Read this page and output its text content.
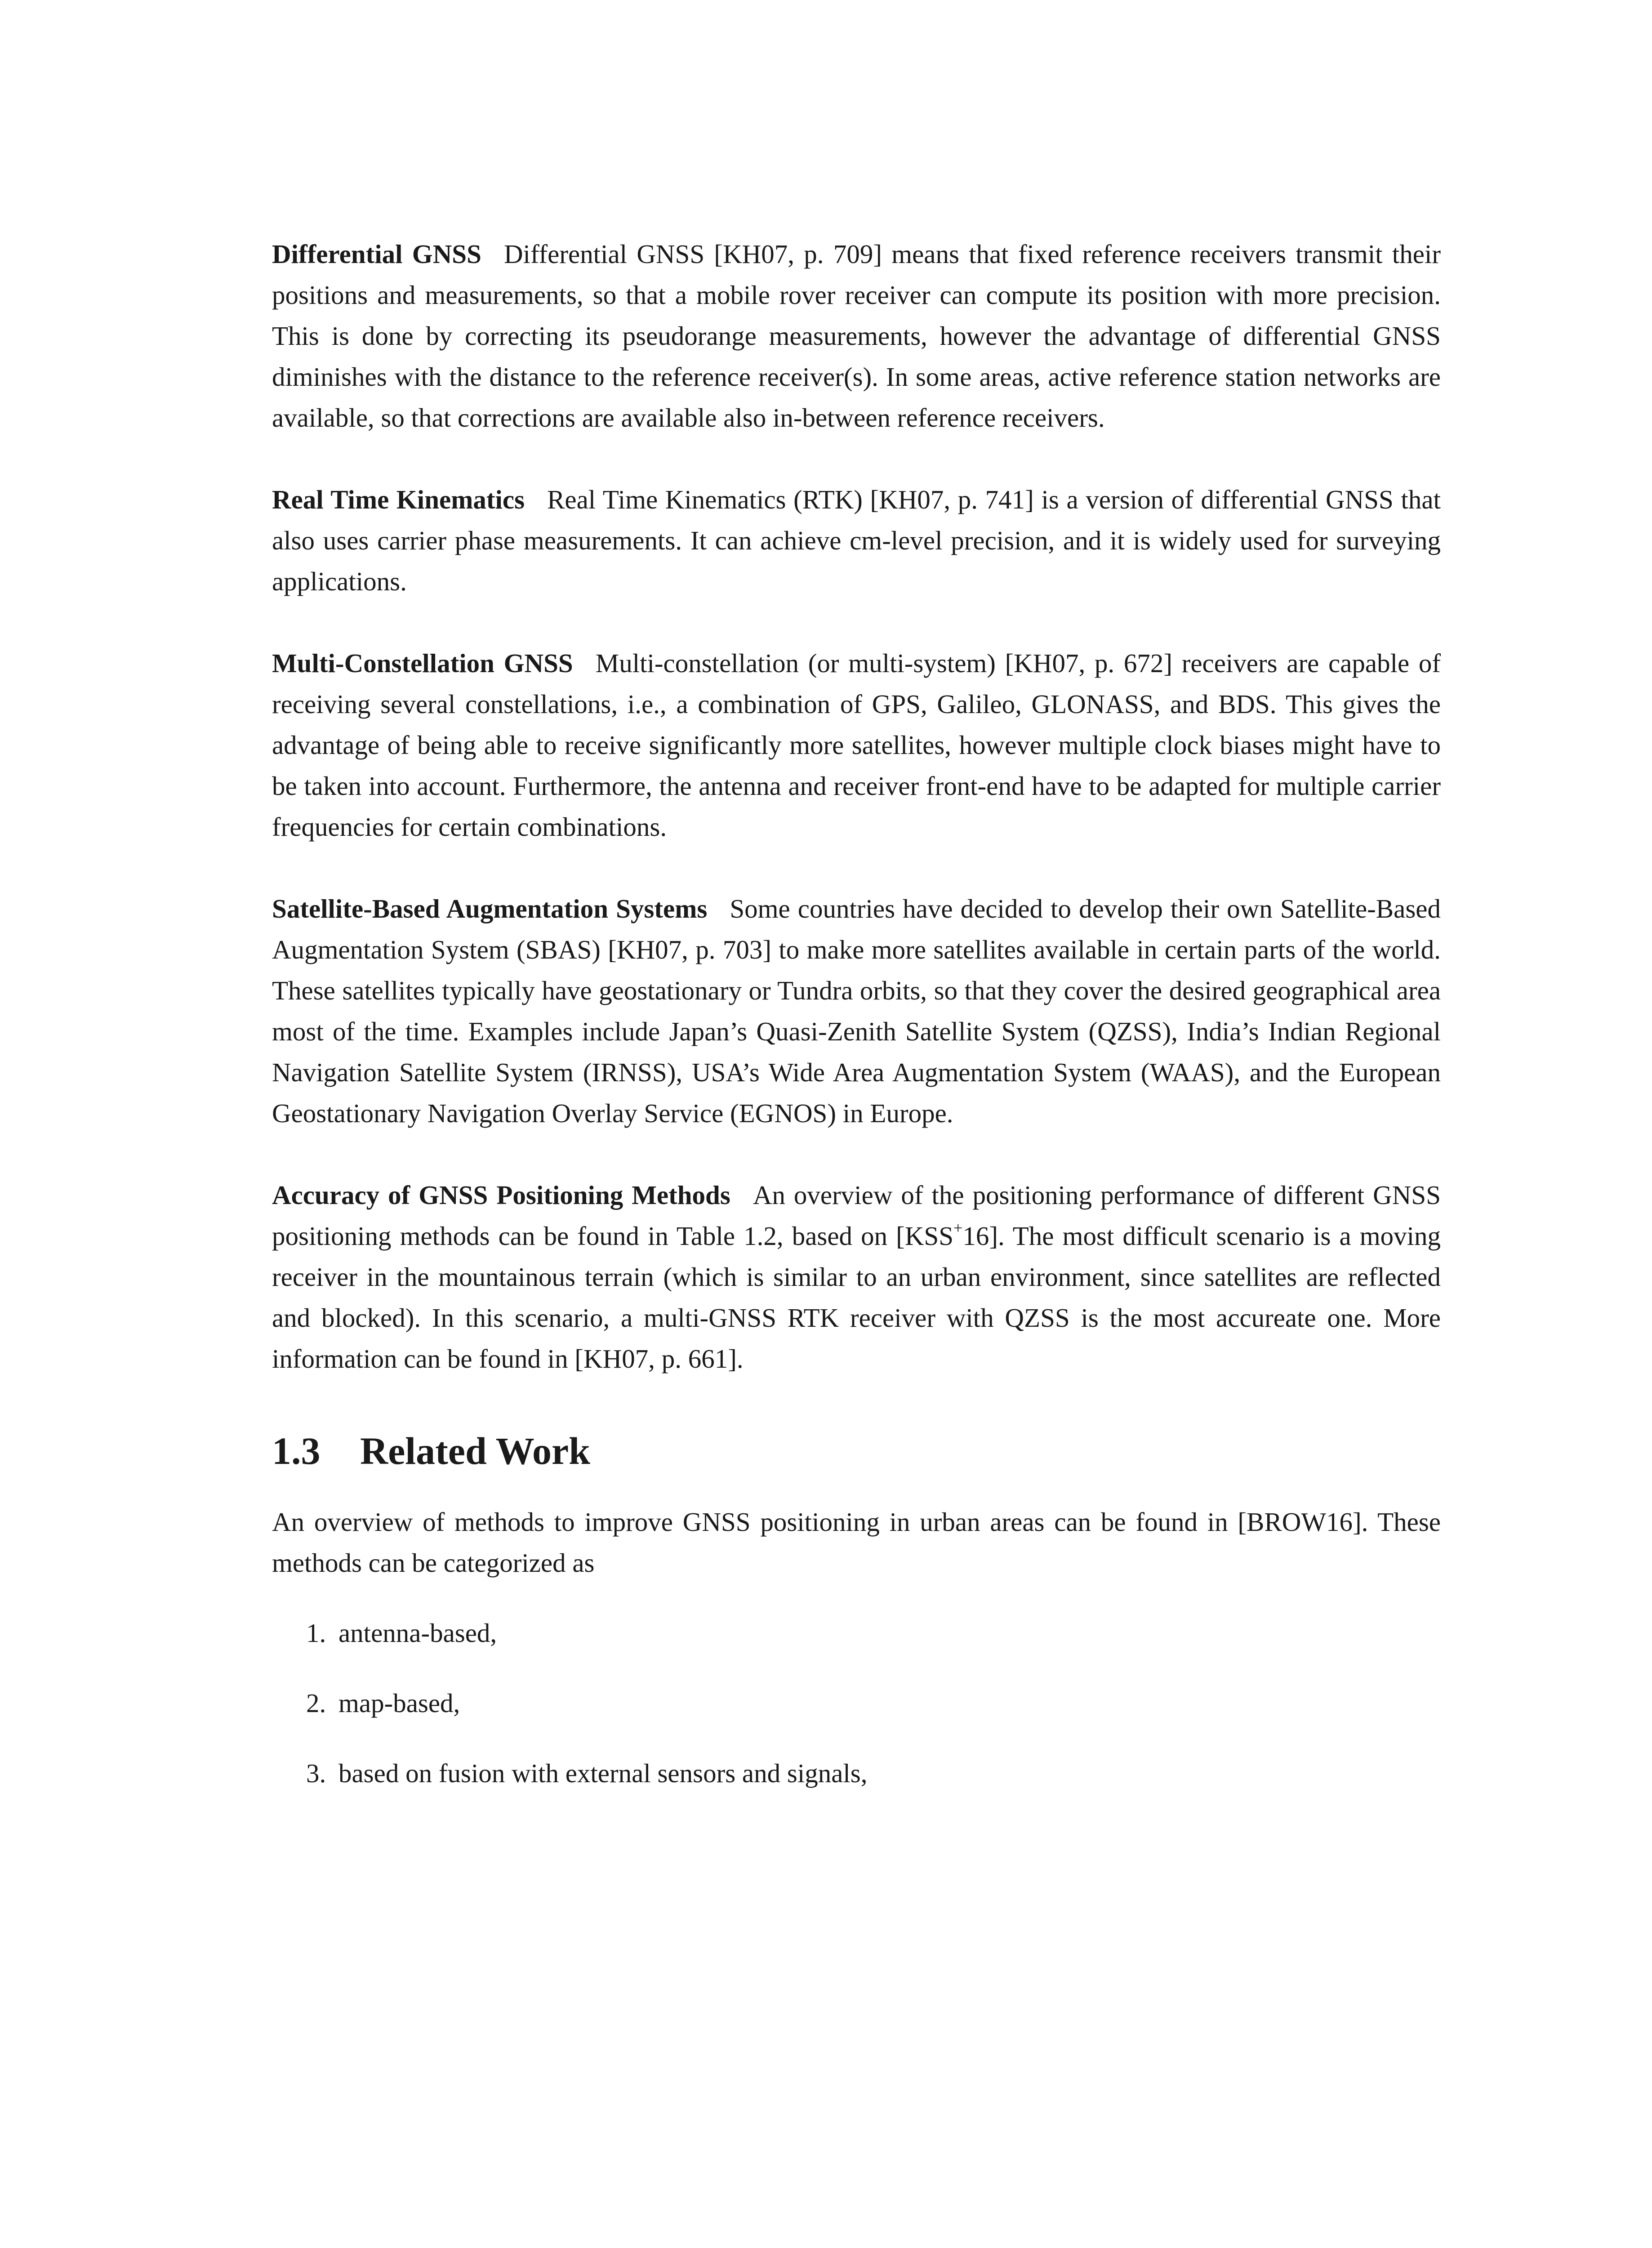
Differential GNSS Differential GNSS [KH07, p. 709] means that fixed reference receivers transmit their positions and measurements, so that a mobile rover receiver can compute its position with more precision. This is done by correcting its pseudorange measurements, however the advantage of differential GNSS diminishes with the distance to the reference receiver(s). In some areas, active reference station networks are available, so that corrections are available also in-between reference receivers.

Real Time Kinematics Real Time Kinematics (RTK) [KH07, p. 741] is a version of differential GNSS that also uses carrier phase measurements. It can achieve cm-level precision, and it is widely used for surveying applications.

Multi-Constellation GNSS Multi-constellation (or multi-system) [KH07, p. 672] receivers are capable of receiving several constellations, i.e., a combination of GPS, Galileo, GLONASS, and BDS. This gives the advantage of being able to receive significantly more satellites, however multiple clock biases might have to be taken into account. Furthermore, the antenna and receiver front-end have to be adapted for multiple carrier frequencies for certain combinations.

Satellite-Based Augmentation Systems Some countries have decided to develop their own Satellite-Based Augmentation System (SBAS) [KH07, p. 703] to make more satellites available in certain parts of the world. These satellites typically have geostationary or Tundra orbits, so that they cover the desired geographical area most of the time. Examples include Japan’s Quasi-Zenith Satellite System (QZSS), India’s Indian Regional Navigation Satellite System (IRNSS), USA’s Wide Area Augmentation System (WAAS), and the European Geostationary Navigation Overlay Service (EGNOS) in Europe.

Accuracy of GNSS Positioning Methods An overview of the positioning performance of different GNSS positioning methods can be found in Table 1.2, based on [KSS+16]. The most difficult scenario is a moving receiver in the mountainous terrain (which is similar to an urban environment, since satellites are reflected and blocked). In this scenario, a multi-GNSS RTK receiver with QZSS is the most accureate one. More information can be found in [KH07, p. 661].

1.3 Related Work

An overview of methods to improve GNSS positioning in urban areas can be found in [BROW16]. These methods can be categorized as

1. antenna-based,
2. map-based,
3. based on fusion with external sensors and signals,
